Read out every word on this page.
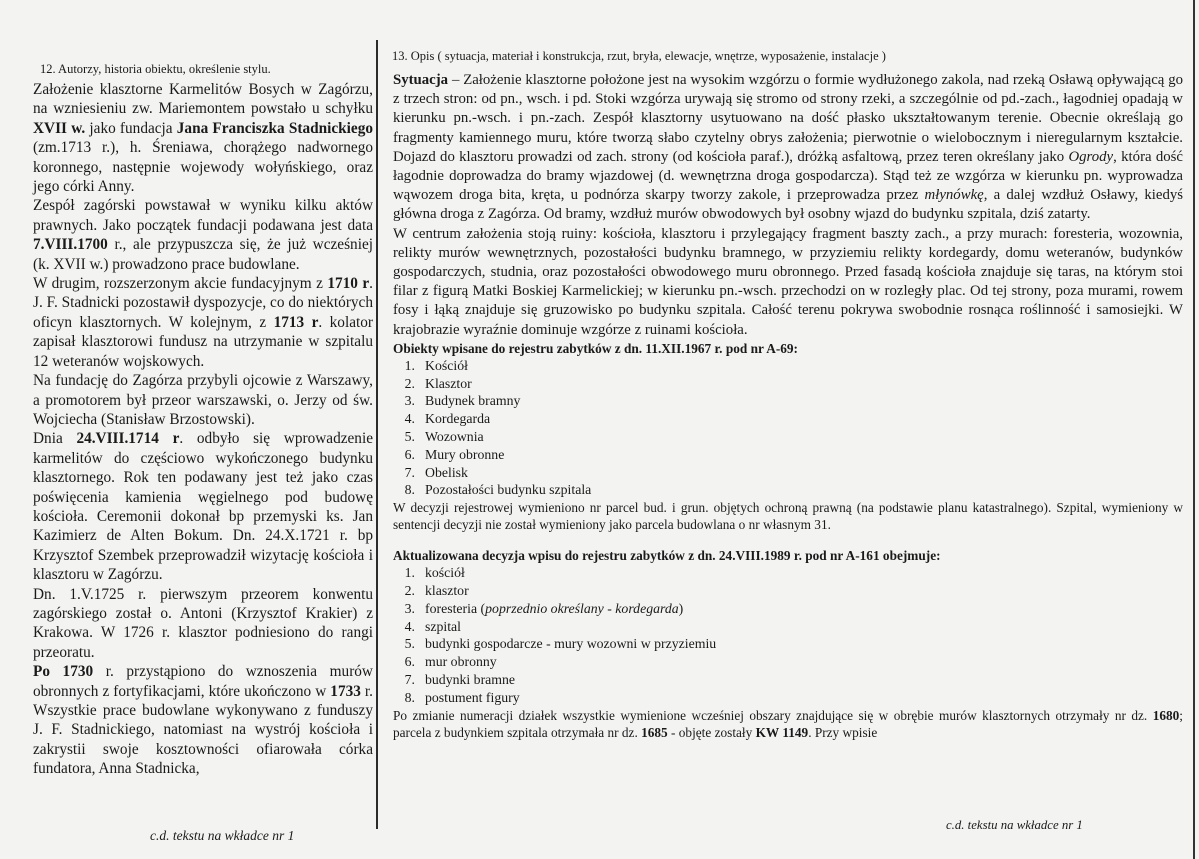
12. Autorzy, historia obiektu, określenie stylu.

Założenie klasztorne Karmelitów Bosych w Zagórzu, na wzniesieniu zw. Mariemontem powstało u schyłku XVII w. jako fundacja Jana Franciszka Stadnickiego (zm.1713 r.), h. Śreniawa, chorążego nadwornego koronnego, następnie wojewody wołyńskiego, oraz jego córki Anny.

Zespół zagórski powstawał w wyniku kilku aktów prawnych. Jako początek fundacji podawana jest data 7.VIII.1700 r., ale przypuszcza się, że już wcześniej (k. XVII w.) prowadzono prace budowlane.

W drugim, rozszerzonym akcie fundacyjnym z 1710 r. J. F. Stadnicki pozostawił dyspozycje, co do niektórych oficyn klasztornych. W kolejnym, z 1713 r. kolator zapisał klasztorowi fundusz na utrzymanie w szpitalu 12 weteranów wojskowych.

Na fundację do Zagórza przybyli ojcowie z Warszawy, a promotorem był przeor warszawski, o. Jerzy od św. Wojciecha (Stanisław Brzostowski).

Dnia 24.VIII.1714 r. odbyło się wprowadzenie karmelitów do częściowo wykończonego budynku klasztornego. Rok ten podawany jest też jako czas poświęcenia kamienia węgielnego pod budowę kościoła. Ceremonii dokonał bp przemyski ks. Jan Kazimierz de Alten Bokum. Dn. 24.X.1721 r. bp Krzysztof Szembek przeprowadził wizytację kościoła i klasztoru w Zagórzu.

Dn. 1.V.1725 r. pierwszym przeorem konwentu zagórskiego został o. Antoni (Krzysztof Krakier) z Krakowa. W 1726 r. klasztor podniesiono do rangi przeoratu.

Po 1730 r. przystąpiono do wznoszenia murów obronnych z fortyfikacjami, które ukończono w 1733 r. Wszystkie prace budowlane wykonywano z funduszy J. F. Stadnickiego, natomiast na wystrój kościoła i zakrystii swoje kosztowności ofiarowała córka fundatora, Anna Stadnicka,

c.d. tekstu na wkładce nr 1
13. Opis ( sytuacja, materiał i konstrukcja, rzut, bryła, elewacje, wnętrze, wyposażenie, instalacje )

Sytuacja – Założenie klasztorne położone jest na wysokim wzgórzu o formie wydłużonego zakola, nad rzeką Osławą opływającą go z trzech stron: od pn., wsch. i pd. Stoki wzgórza urywają się stromo od strony rzeki, a szczególnie od pd.-zach., łagodniej opadają w kierunku pn.-wsch. i pn.-zach. Zespół klasztorny usytuowano na dość płasko ukształtowanym terenie. Obecnie określają go fragmenty kamiennego muru, które tworzą słabo czytelny obrys założenia; pierwotnie o wielobocznym i nieregularnym kształcie. Dojazd do klasztoru prowadzi od zach. strony (od kościoła paraf.), dróżką asfaltową, przez teren określany jako Ogrody, która dość łagodnie doprowadza do bramy wjazdowej (d. wewnętrzna droga gospodarcza). Stąd też ze wzgórza w kierunku pn. wyprowadza wąwozem droga bita, kręta, u podnórza skarpy tworzy zakole, i przeprowadza przez młynówkę, a dalej wzdłuż Osławy, kiedyś główna droga z Zagórza. Od bramy, wzdłuż murów obwodowych był osobny wjazd do budynku szpitala, dziś zatarty.

W centrum założenia stoją ruiny: kościoła, klasztoru i przylegający fragment baszty zach., a przy murach: foresteria, wozownia, relikty murów wewnętrznych, pozostałości budynku bramnego, w przyziemiu relikty kordegardy, domu weteranów, budynków gospodarczych, studnia, oraz pozostałości obwodowego muru obronnego. Przed fasadą kościoła znajduje się taras, na którym stoi filar z figurą Matki Boskiej Karmelickiej; w kierunku pn.-wsch. przechodzi on w rozległy plac. Od tej strony, poza murami, rowem fosy i łąką znajduje się gruzowisko po budynku szpitala. Całość terenu pokrywa swobodnie rosnąca roślinność i samosiejki. W krajobrazie wyraźnie dominuje wzgórze z ruinami kościoła.

Obiekty wpisane do rejestru zabytków z dn. 11.XII.1967 r. pod nr A-69:

1. Kościół
2. Klasztor
3. Budynek bramny
4. Kordegarda
5. Wozownia
6. Mury obronne
7. Obelisk
8. Pozostałości budynku szpitala

W decyzji rejestrowej wymieniono nr parcel bud. i grun. objętych ochroną prawną (na podstawie planu katastralnego). Szpital, wymieniony w sentencji decyzji nie został wymieniony jako parcela budowlana o nr własnym 31.

Aktualizowana decyzja wpisu do rejestru zabytków z dn. 24.VIII.1989 r. pod nr A-161 obejmuje:

1. kościół
2. klasztor
3. foresteria (poprzednio określany - kordegarda)
4. szpital
5. budynki gospodarcze - mury wozowni w przyziemiu
6. mur obronny
7. budynki bramne
8. postument figury

Po zmianie numeracji działek wszystkie wymienione wcześniej obszary znajdujące się w obrębie murów klasztornych otrzymały nr dz. 1680; parcela z budynkiem szpitala otrzymała nr dz. 1685 - objęte zostały KW 1149. Przy wpisie

c.d. tekstu na wkładce nr 1
